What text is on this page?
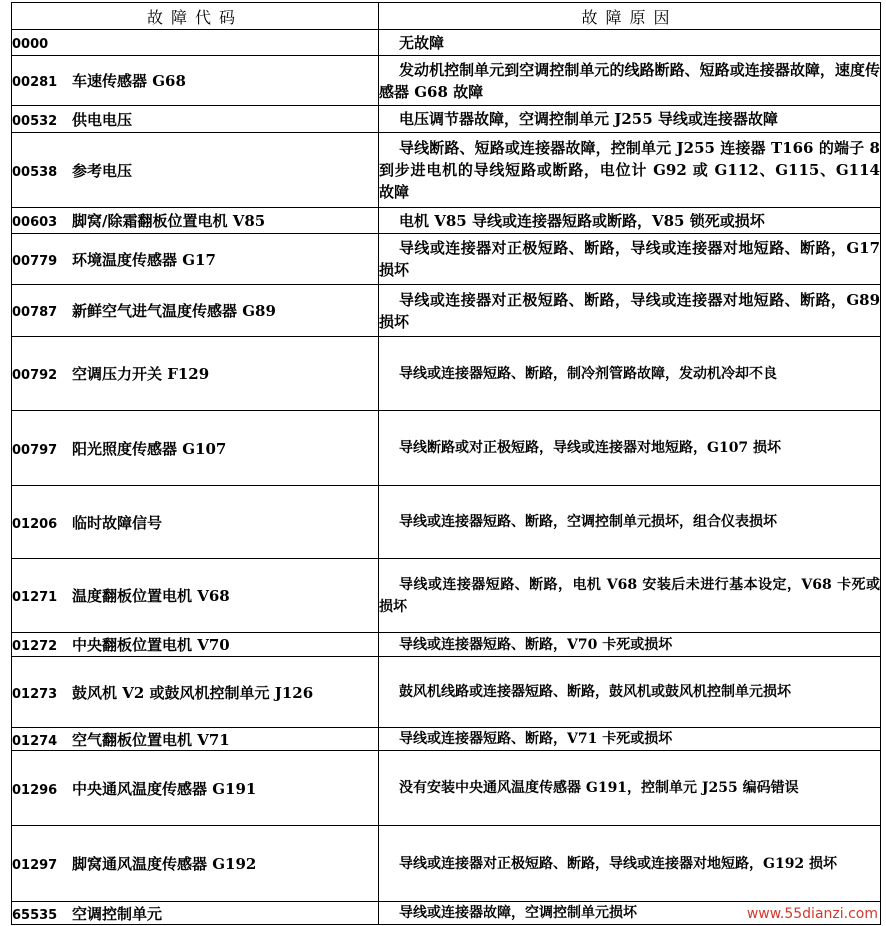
故障代码	故障原因
0000	无故障
00281 车速传感器 G68	发动机控制单元到空调控制单元的线路断路、短路或连接器故障，速度传感器 G68 故障
00532 供电电压	电压调节器故障，空调控制单元 J255 导线或连接器故障
00538 参考电压	导线断路、短路或连接器故障，控制单元 J255 连接器 T166 的端子 8 到步进电机的导线短路或断路，电位计 G92 或 G112、G115、G114 故障
00603 脚窝/除霜翻板位置电机 V85	电机 V85 导线或连接器短路或断路，V85 锁死或损坏
00779 环境温度传感器 G17	导线或连接器对正极短路、断路，导线或连接器对地短路、断路，G17 损坏
00787 新鲜空气进气温度传感器 G89	导线或连接器对正极短路、断路，导线或连接器对地短路、断路，G89 损坏
00792 空调压力开关 F129	导线或连接器短路、断路，制冷剂管路故障，发动机冷却不良
00797 阳光照度传感器 G107	导线断路或对正极短路，导线或连接器对地短路，G107 损坏
01206 临时故障信号	导线或连接器短路、断路，空调控制单元损坏，组合仪表损坏
01271 温度翻板位置电机 V68	导线或连接器短路、断路，电机 V68 安装后未进行基本设定，V68 卡死或损坏
01272 中央翻板位置电机 V70	导线或连接器短路、断路，V70 卡死或损坏
01273 鼓风机 V2 或鼓风机控制单元 J126	鼓风机线路或连接器短路、断路，鼓风机或鼓风机控制单元损坏
01274 空气翻板位置电机 V71	导线或连接器短路、断路，V71 卡死或损坏
01296 中央通风温度传感器 G191	没有安装中央通风温度传感器 G191，控制单元 J255 编码错误
01297 脚窝通风温度传感器 G192	导线或连接器对正极短路、断路，导线或连接器对地短路，G192 损坏
65535 空调控制单元	导线或连接器故障，空调控制单元损坏	www.55dianzi.com
